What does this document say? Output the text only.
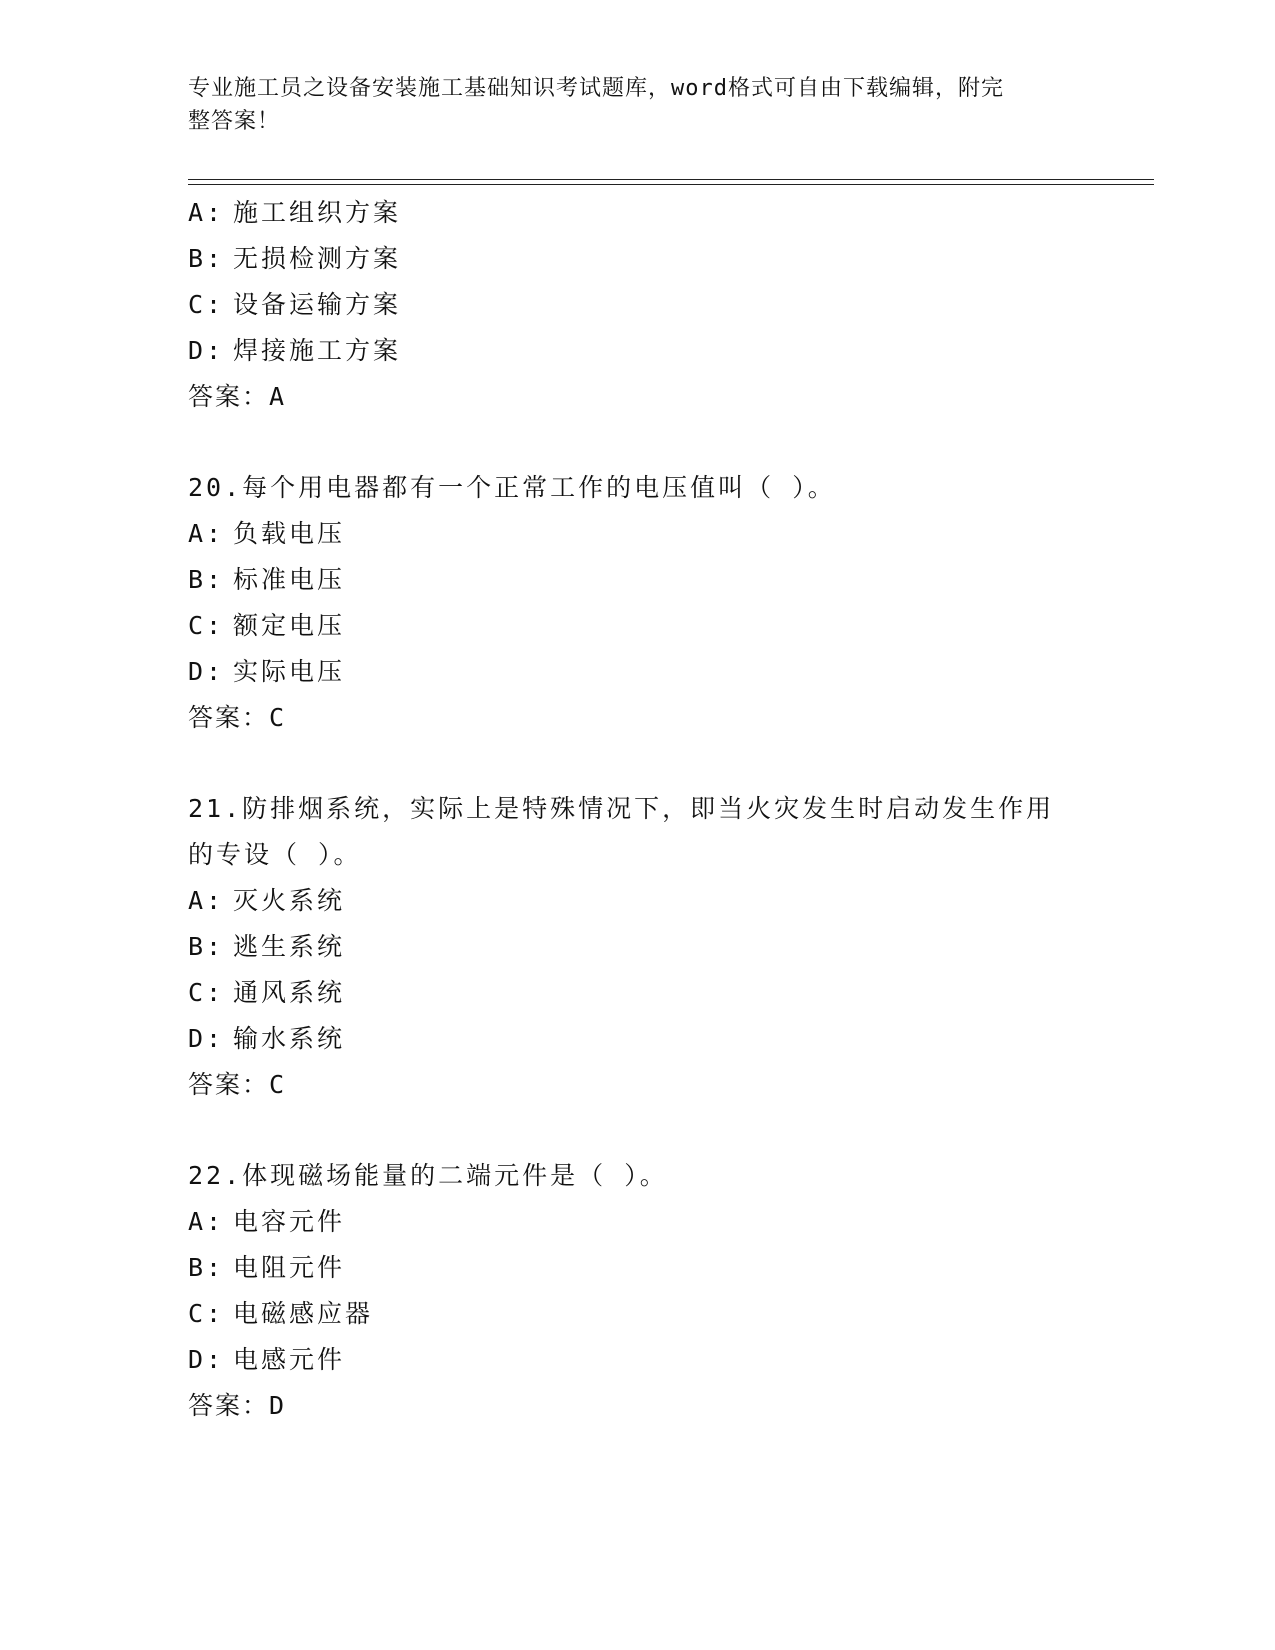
专业施工员之设备安装施工基础知识考试题库，word格式可自由下载编辑，附完
整答案！
A: 施工组织方案
B: 无损检测方案
C: 设备运输方案
D: 焊接施工方案
答案：A
20.每个用电器都有一个正常工作的电压值叫（ ）。
A: 负载电压
B: 标准电压
C: 额定电压
D: 实际电压
答案：C
21.防排烟系统，实际上是特殊情况下，即当火灾发生时启动发生作用
的专设（ ）。
A: 灭火系统
B: 逃生系统
C: 通风系统
D: 输水系统
答案：C
22.体现磁场能量的二端元件是（ ）。
A: 电容元件
B: 电阻元件
C: 电磁感应器
D: 电感元件
答案：D
